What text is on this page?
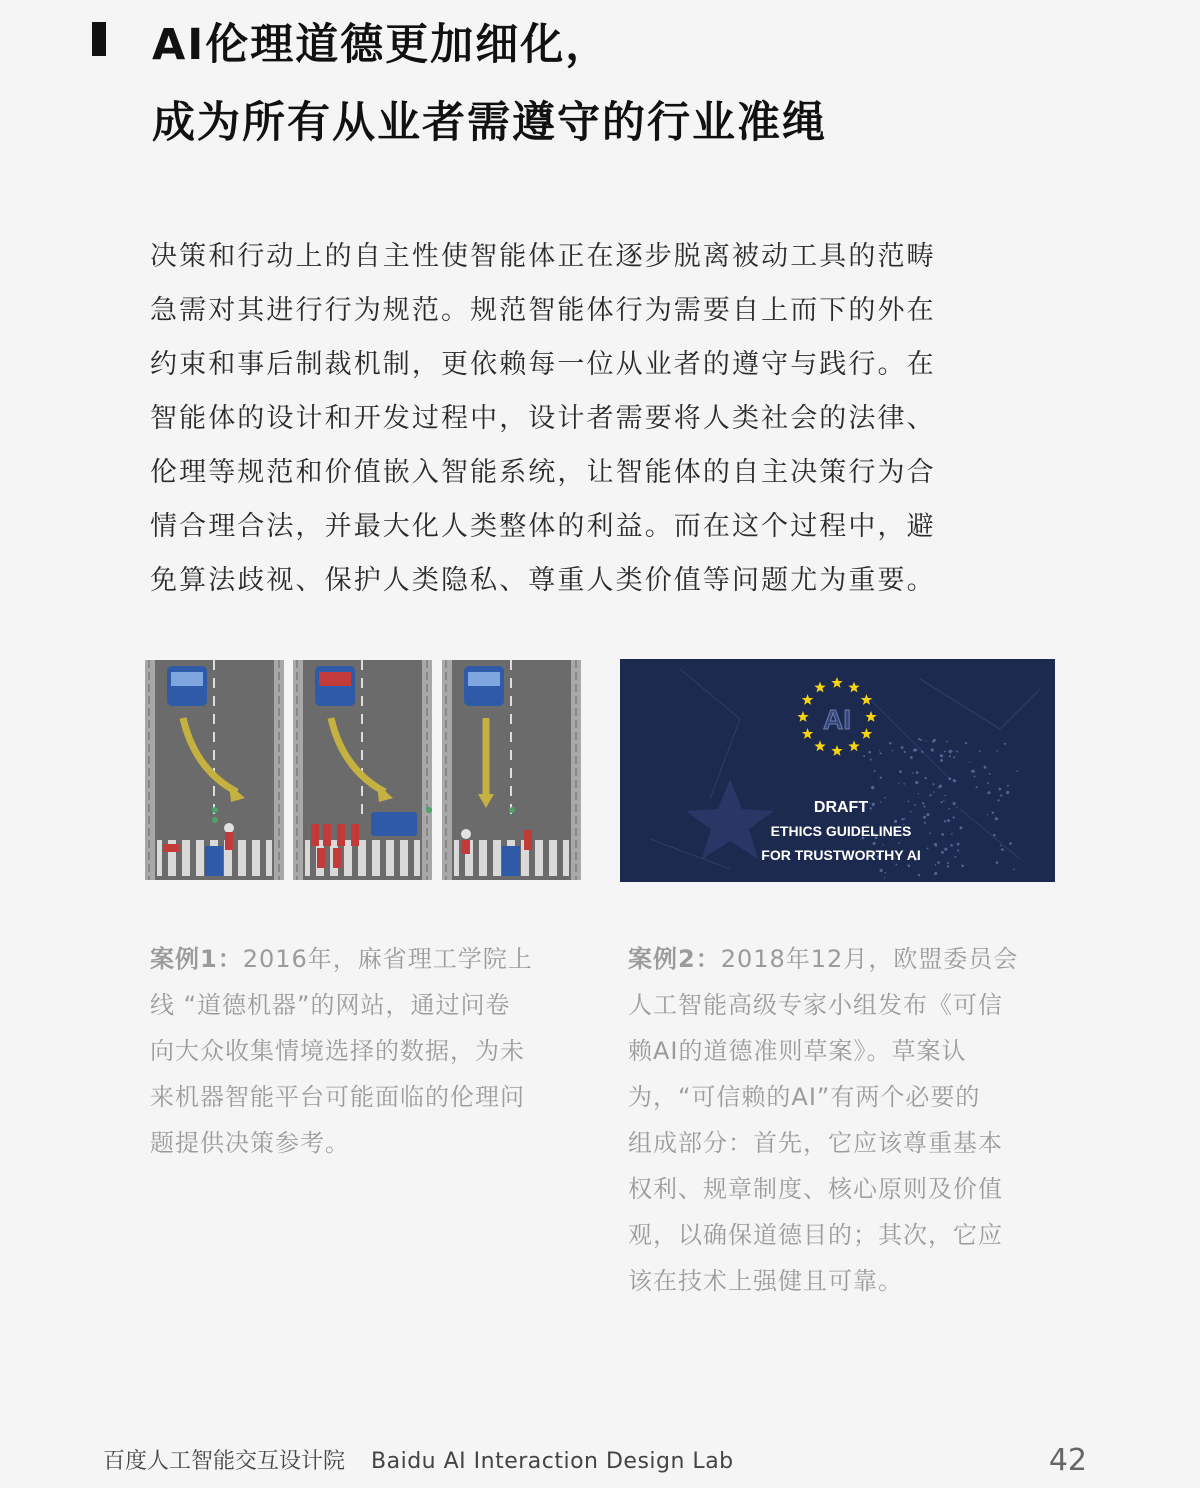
AI伦理道德更加细化，
成为所有从业者需遵守的行业准绳
决策和行动上的自主性使智能体正在逐步脱离被动工具的范畴
急需对其进行行为规范。规范智能体行为需要自上而下的外在
约束和事后制裁机制，更依赖每一位从业者的遵守与践行。在
智能体的设计和开发过程中，设计者需要将人类社会的法律、
伦理等规范和价值嵌入智能系统，让智能体的自主决策行为合
情合理合法，并最大化人类整体的利益。而在这个过程中，避
免算法歧视、保护人类隐私、尊重人类价值等问题尤为重要。
AI
DRAFT
ETHICS GUIDELINES
FOR TRUSTWORTHY AI
案例1：2016年，麻省理工学院上
线 “道德机器”的网站，通过问卷
向大众收集情境选择的数据，为未
来机器智能平台可能面临的伦理问
题提供决策参考。
案例2：2018年12月，欧盟委员会
人工智能高级专家小组发布《可信
赖AI的道德准则草案》。草案认
为，“可信赖的AI”有两个必要的
组成部分：首先，它应该尊重基本
权利、规章制度、核心原则及价值
观，以确保道德目的；其次，它应
该在技术上强健且可靠。
百度人工智能交互设计院 Baidu AI Interaction Design Lab	42
